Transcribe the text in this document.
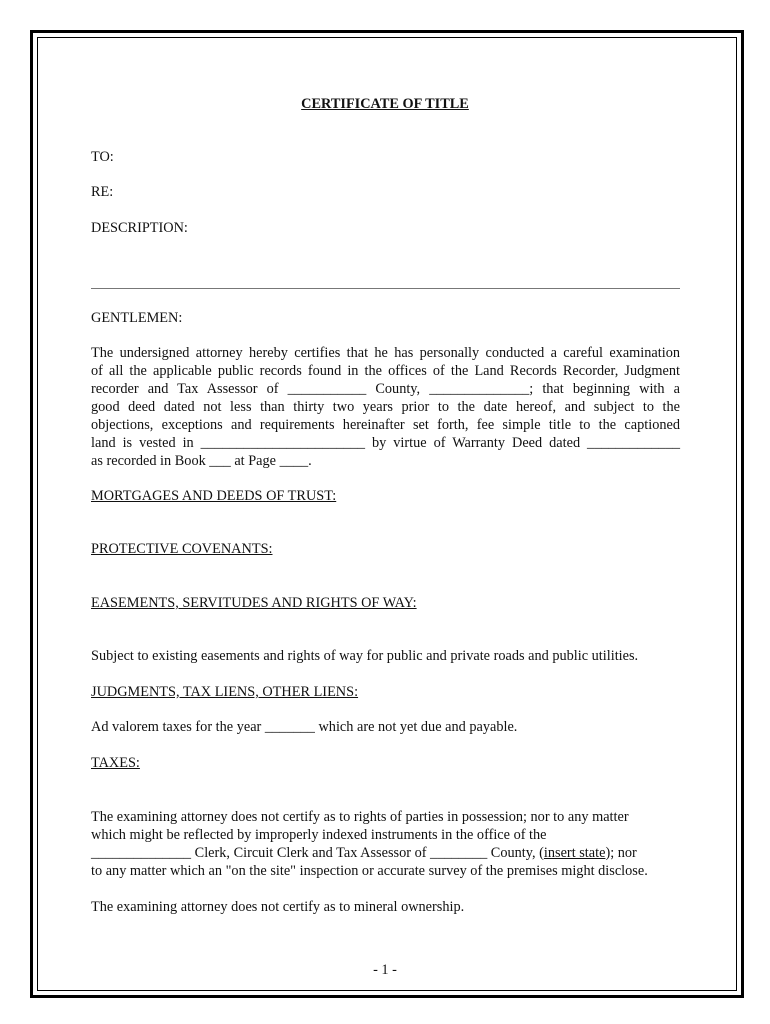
CERTIFICATE OF TITLE
TO:
RE:
DESCRIPTION:
GENTLEMEN:
The undersigned attorney hereby certifies that he has personally conducted a careful examination
of all the applicable public records found in the offices of the Land Records Recorder, Judgment
recorder and Tax Assessor of ___________ County, ______________; that beginning with a
good deed dated not less than thirty two years prior to the date hereof, and subject to the
objections, exceptions and requirements hereinafter set forth, fee simple title to the captioned
land is vested in _______________________ by virtue of Warranty Deed dated _____________
as recorded in Book ___ at Page ____.
MORTGAGES AND DEEDS OF TRUST:
PROTECTIVE COVENANTS:
EASEMENTS, SERVITUDES AND RIGHTS OF WAY:
Subject to existing easements and rights of way for public and private roads and public utilities.
JUDGMENTS, TAX LIENS, OTHER LIENS:
Ad valorem taxes for the year _______ which are not yet due and payable.
TAXES:
The examining attorney does not certify as to rights of parties in possession; nor to any matter
which might be reflected by improperly indexed instruments in the office of the
______________ Clerk, Circuit Clerk and Tax Assessor of ________ County, (insert state); nor
to any matter which an "on the site" inspection or accurate survey of the premises might disclose.
The examining attorney does not certify as to mineral ownership.
- 1 -
